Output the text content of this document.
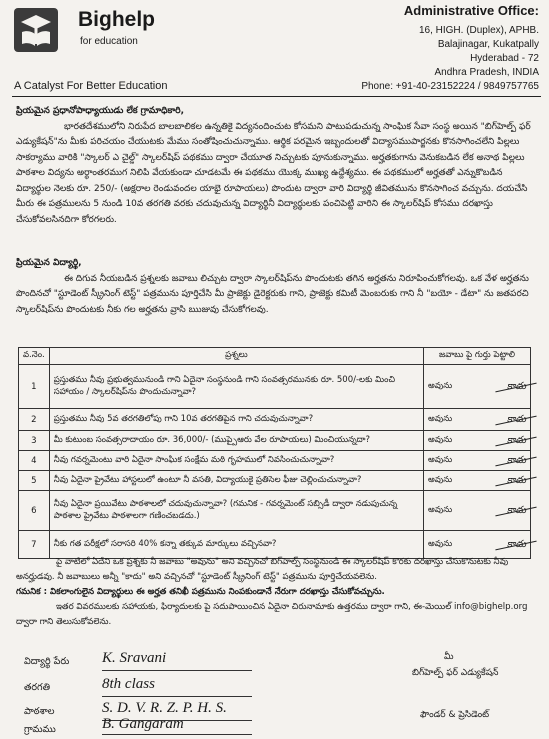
Bighelp
for education
A Catalyst For Better Education
Administrative Office:
16, HIGH. (Duplex), APHB.
Balajinagar, Kukatpally
Hyderabad - 72
Andhra Pradesh, INDIA
Phone: +91-40-23152224 / 9849757765

ప్రియమైన ప్రధానోపాధ్యాయుడు లేక గ్రామాధికారి,

భారతదేశములోని నిరుపేద బాలబాలికల ఉన్నతికై విద్యనందించుట కోసమని పాటుపడుచున్న సాంఘిక సేవా సంస్థ అయిన "బిగ్‌హెల్ప్ ఫర్ ఎడ్యుకేషన్"ను మీకు పరిచయం చేయుటకు మేము సంతోషించుచున్నాము. ఆర్థిక పరమైన ఇబ్బందులతో విద్యాసముపార్జనకు కొనసాగించలేని పిల్లలు సాకర్యాము వారికి "స్కాలర్ ఎ చైల్డ్" స్కాలర్‌షిప్ పథకము ద్వారా చేయూత నిచ్చుటకు పూనుకున్నాము. అర్హతకుగాను వెనుకబడిన లేక అనాథ పిల్లలు పాఠశాల విద్యను అర్థాంతరముగ నిలిపి వేయకుండా చూడటమే ఈ పథకము యొక్క ముఖ్య ఉద్దేశ్యము. ఈ పథకములో అర్హతతో ఎన్నుకొబడిన విద్యార్థుల నెలకు రూ. 250/- (అక్షరాల రెండువందల యాభై రూపాయలు) పొందుట ద్వారా వారి విద్యార్థి జీవితమును కొనసాగించ వచ్చును. దయచేసి మీరు ఈ పత్రములను 5 నుండి 10వ తరగతి వరకు చదువుచున్న విద్యార్థినీ విద్యార్థులకు పంచిపెట్టి వారిని ఈ స్కాలర్‌షిప్ కోసము దరఖాస్తు చేసుకోవలసినదిగా కోరగలరు.

ప్రియమైన విద్యార్థి,

ఈ దిగువ నీయబడిన ప్రశ్నలకు జవాబు లిచ్చుట ద్వారా స్కాలర్‌షిప్‌ను పొందుటకు తగిన అర్హతను నిరూపించుకోగలవు. ఒక వేళ అర్హతను పొందినచో "స్టూడెంట్ స్క్రీనింగ్ టెస్ట్" పత్రమును పూర్తిచేసి మీ ప్రాజెక్టు డైరెక్టరుకు గాని, ప్రాజెక్టు కమిటీ మెంబరుకు గాని నీ "బయో - డేటా" ను జతపరచి స్కాలర్‌షిప్‌ను పొందుటకు నీకు గల అర్హతను వ్రాసి ఋజువు చేసుకోగలవు.

వ.నెం.	ప్రశ్నలు	జవాబు పై గుర్తు పెట్టాలి
1	ప్రస్తుతము నీవు ప్రభుత్వమునుండి గాని ఏదైనా సంస్థనుండి గాని సంవత్సరమునకు రూ. 500/-లకు మించి సహాయం / స్కాలర్‌షిప్‌ను పొందుచున్నావా?	అవును కాదు

2	ప్రస్తుతము నీవు 5వ తరగతిలోపు గాని 10వ తరగతిపైన గాని చదువుచున్నావా?	అవును కాదు

3	మీ కుటుంబ సంవత్సరాదాయం రూ. 36,000/- (ముప్పైఆరు వేల రూపాయలు) మించియున్నదా?	అవును కాదు

4	నీవు గవర్నమెంటు వారి ఏదైనా సాంఘిక సంక్షేమ మఠి గృహములో నివసించుచున్నావా?	అవును కాదు

5	నీవు ఏదైనా ప్రైవేటు హాస్టలులో ఉంటూ నీ వసతి, విద్యాయుకై ప్రతిసెల ఫీజు చెల్లించుచున్నావా?	అవును కాదు

6	నీవు ఏదైనా ప్రయివేటు పాఠశాలలో చదువుచున్నావా? (గమనిక - గవర్నమెంట్ సబ్సిడీ ద్వారా నడుపుచున్న పాఠశాల ప్రైవేటు పాఠశాలగా గణించబడదు.)	అవును కాదు

7	నీకు గత పరీక్షలో సరాసరి 40% కన్నా తక్కువ మార్కులు వచ్చినవా?	అవును కాదు

పై వాటిలో ఏదేని ఒక ప్రశ్నకు నీ జవాబు "అవును" అని వచ్చినచో బిగ్‌హెల్ప్ సంస్థనుండి ఈ స్కాలర్‌షిప్ కొరకు దరఖాస్తు చేసుకొనుటకు నీవు అనర్హుడవు. నీ జవాబులు అన్నీ "కాదు" అని వచ్చినచో "స్టూడెంట్ స్క్రీనింగ్ టెస్ట్" పత్రమును పూర్తిచేయవలెను.

గమనిక : వికలాంగులైన విద్యార్థులు ఈ అర్హత తనిఖీ పత్రమును నింపకుండానే నేరుగా దరఖాస్తు చేసుకోవచ్చును.

ఇతర వివరములకు సహాయకు, ఫిర్యాదులకు పై సదుపాయించిన ఏదైనా చిరునామాకు ఉత్తరము ద్వారా గాని, ఈ-మెయిల్ info@bighelp.org ద్వారా గాని తెలుసుకోవలెను.

విద్యార్థి పేరు K. Sravani
తరగతి	8th class
పాఠశాల	S. D. V. R. Z. P. H. S.
గ్రామము	B. Gangaram
మీ
బిగ్‌హెల్ప్ ఫర్ ఎడ్యుకేషన్
ఫౌండర్ & ప్రెసిడెంట్
